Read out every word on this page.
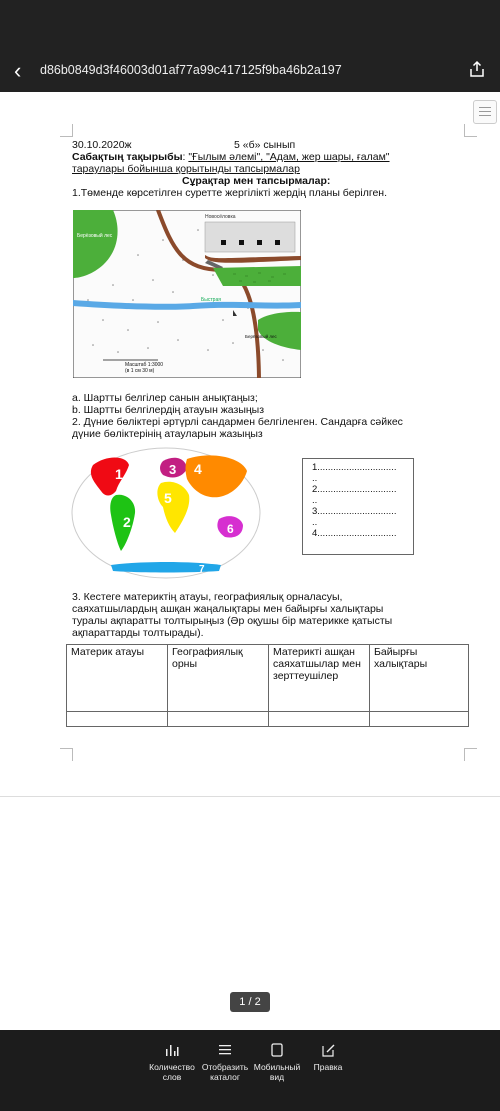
‹ d86b0849d3f46003d01af77a99c417125f9ba46b2a197
30.10.2020ж	5 «б» сынып
Сабақтың тақырыбы: "Ғылым әлемі", "Адам, жер шары, ғалам"
тараулары бойынша қорытынды тапсырмалар
Сұрақтар мен тапсырмалар:
1.Төменде көрсетілген суретте жергілікті жердің планы берілген.
Берёзовый лес
Новосёловка
Быстрая
Берёзовый лес
Масштаб 1:3000
(в 1 см 30 м)
a. Шартты белгілер санын анықтаңыз;
b. Шартты белгілердің атауын жазыңыз
2. Дүние бөліктері әртүрлі сандармен белгіленген. Сандарға сәйкес
дүние бөліктерінің атауларын жазыңыз
1
2
3 4
5
6
7
1..............................
..
2..............................
..
3..............................
..
4..............................
3. Кестеге материктің атауы, географиялық орналасуы,
саяхатшылардың ашқан жаңалықтары мен байырғы халықтары
туралы ақпаратты толтырыңыз (Әр оқушы бір материкке қатысты
ақпараттарды толтырады).
Материк атауы	Географиялық орны	Материкті ашқан саяхатшылар мен зерттеушілер	Байырғы халықтары

1 / 2
Количество слов
Отобразить каталог
Мобильный вид
Правка
